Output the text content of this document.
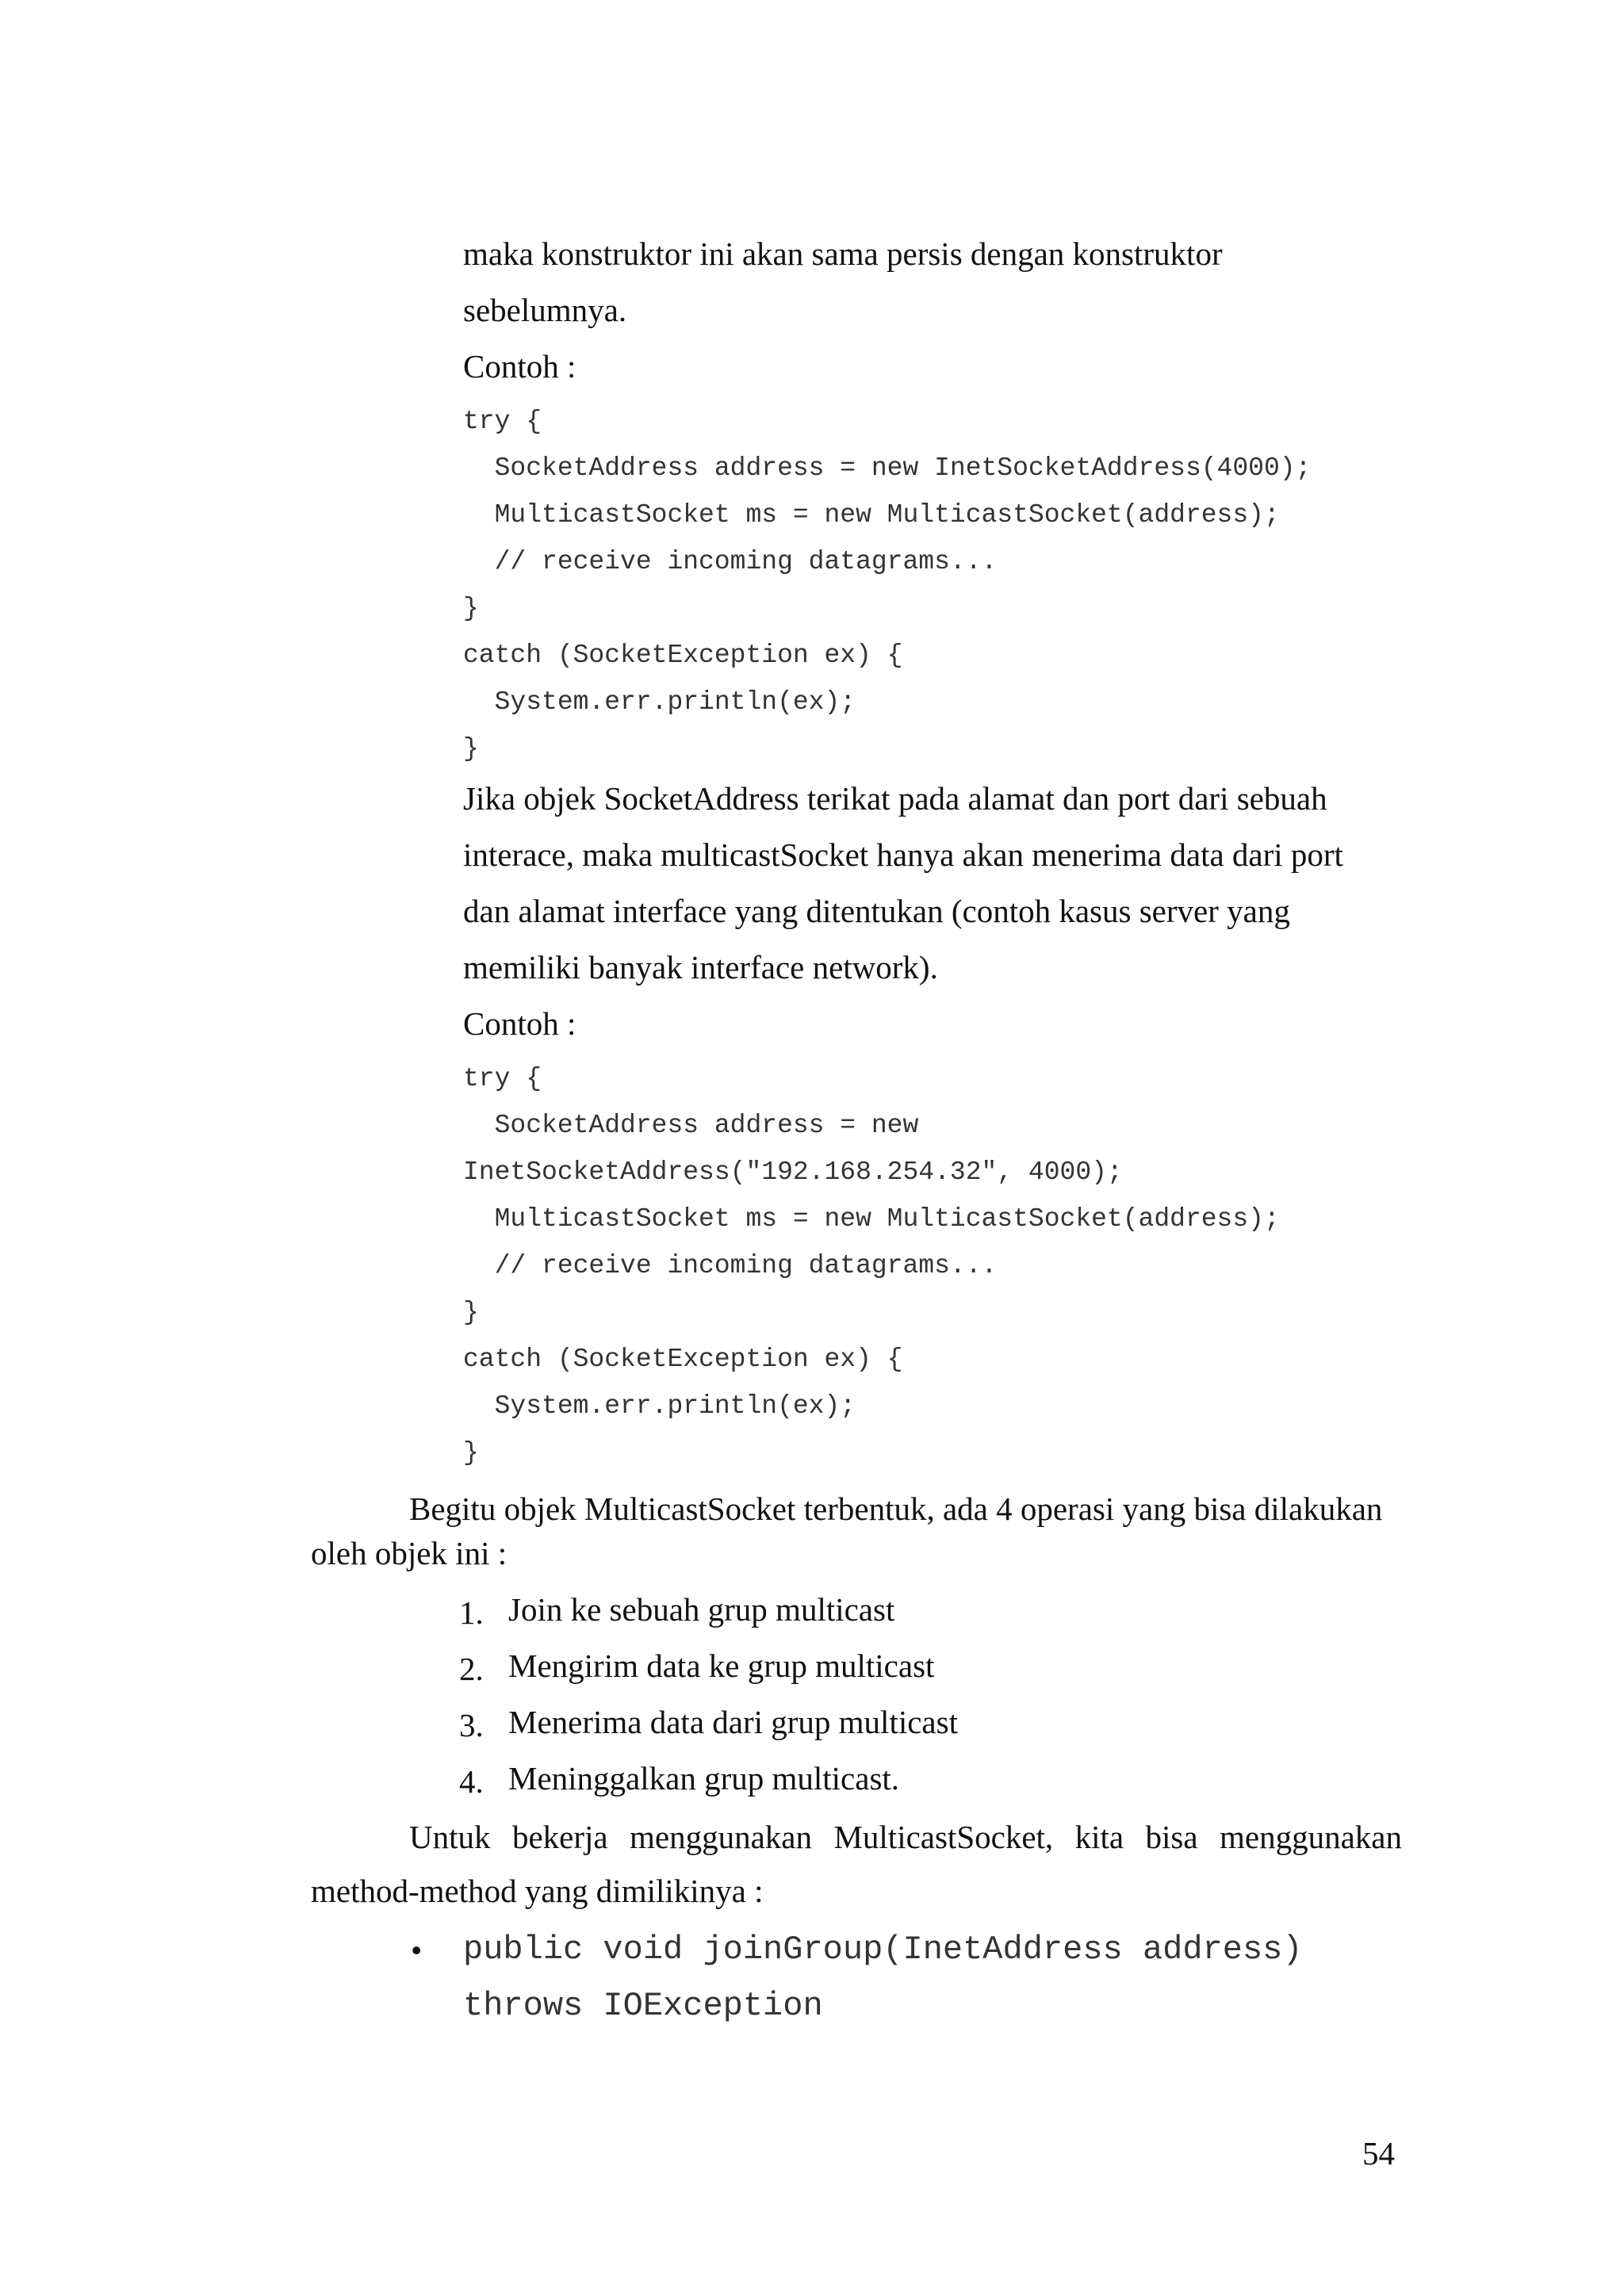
maka konstruktor ini akan sama persis dengan konstruktor
sebelumnya.
Contoh :
try {
SocketAddress address = new InetSocketAddress(4000);
MulticastSocket ms = new MulticastSocket(address);
// receive incoming datagrams...
}
catch (SocketException ex) {
System.err.println(ex);
}
Jika objek SocketAddress terikat pada alamat dan port dari sebuah
interace, maka multicastSocket hanya akan menerima data dari port
dan alamat interface yang ditentukan (contoh kasus server yang
memiliki banyak interface network).
Contoh :
try {
SocketAddress address = new
InetSocketAddress("192.168.254.32", 4000);
MulticastSocket ms = new MulticastSocket(address);
// receive incoming datagrams...
}
catch (SocketException ex) {
System.err.println(ex);
}
Begitu objek MulticastSocket terbentuk, ada 4 operasi yang bisa dilakukan
oleh objek ini :
1. Join ke sebuah grup multicast
2. Mengirim data ke grup multicast
3. Menerima data dari grup multicast
4. Meninggalkan grup multicast.
Untuk bekerja menggunakan MulticastSocket, kita bisa menggunakan
method-method yang dimilikinya :
• public void joinGroup(InetAddress address)
throws IOException
54
